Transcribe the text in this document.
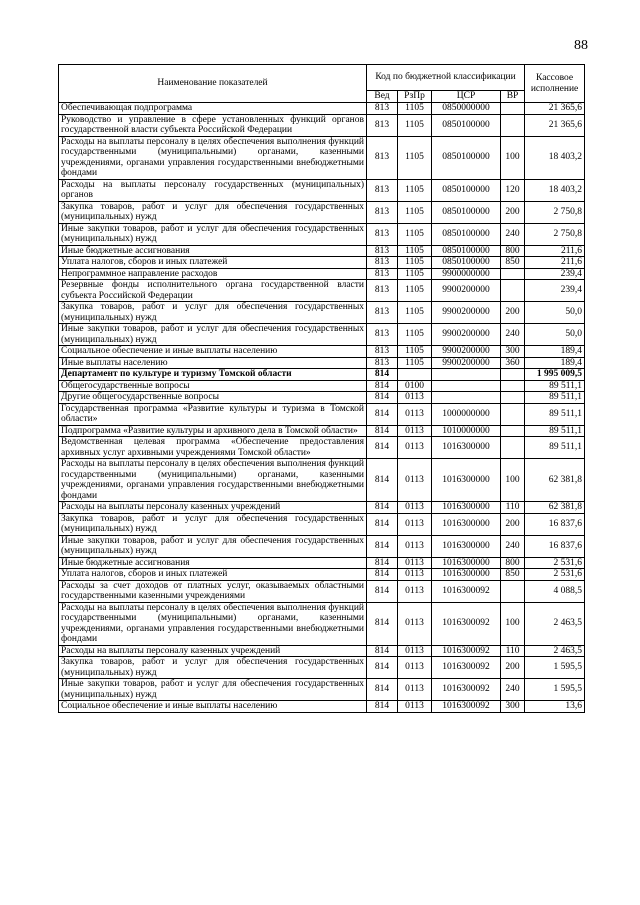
88
Наименование показателей	Код по бюджетной классификации				Кассовое исполнение
	Вед	РзПр	ЦСР	ВР	
Обеспечивающая подпрограмма	813	1105	0850000000		21 365,6
Руководство и управление в сфере установленных функций органов государственной власти субъекта Российской Федерации	813	1105	0850100000		21 365,6
Расходы на выплаты персоналу в целях обеспечения выполнения функций государственными (муниципальными) органами, казенными учреждениями, органами управления государственными внебюджетными фондами	813	1105	0850100000	100	18 403,2
Расходы на выплаты персоналу государственных (муниципальных) органов	813	1105	0850100000	120	18 403,2
Закупка товаров, работ и услуг для обеспечения государственных (муниципальных) нужд	813	1105	0850100000	200	2 750,8
Иные закупки товаров, работ и услуг для обеспечения государственных (муниципальных) нужд	813	1105	0850100000	240	2 750,8
Иные бюджетные ассигнования	813	1105	0850100000	800	211,6
Уплата налогов, сборов и иных платежей	813	1105	0850100000	850	211,6
Непрограммное направление расходов	813	1105	9900000000		239,4
Резервные фонды исполнительного органа государственной власти субъекта Российской Федерации	813	1105	9900200000		239,4
Закупка товаров, работ и услуг для обеспечения государственных (муниципальных) нужд	813	1105	9900200000	200	50,0
Иные закупки товаров, работ и услуг для обеспечения государственных (муниципальных) нужд	813	1105	9900200000	240	50,0
Социальное обеспечение и иные выплаты населению	813	1105	9900200000	300	189,4
Иные выплаты населению	813	1105	9900200000	360	189,4
Департамент по культуре и туризму Томской области	814				1 995 009,5
Общегосударственные вопросы	814	0100			89 511,1
Другие общегосударственные вопросы	814	0113			89 511,1
Государственная программа «Развитие культуры и туризма в Томской области»	814	0113	1000000000		89 511,1
Подпрограмма «Развитие культуры и архивного дела в Томской области»	814	0113	1010000000		89 511,1
Ведомственная целевая программа «Обеспечение предоставления архивных услуг архивными учреждениями Томской области»	814	0113	1016300000		89 511,1
Расходы на выплаты персоналу в целях обеспечения выполнения функций государственными (муниципальными) органами, казенными учреждениями, органами управления государственными внебюджетными фондами	814	0113	1016300000	100	62 381,8
Расходы на выплаты персоналу казенных учреждений	814	0113	1016300000	110	62 381,8
Закупка товаров, работ и услуг для обеспечения государственных (муниципальных) нужд	814	0113	1016300000	200	16 837,6
Иные закупки товаров, работ и услуг для обеспечения государственных (муниципальных) нужд	814	0113	1016300000	240	16 837,6
Иные бюджетные ассигнования	814	0113	1016300000	800	2 531,6
Уплата налогов, сборов и иных платежей	814	0113	1016300000	850	2 531,6
Расходы за счет доходов от платных услуг, оказываемых областными государственными казенными учреждениями	814	0113	1016300092		4 088,5
Расходы на выплаты персоналу в целях обеспечения выполнения функций государственными (муниципальными) органами, казенными учреждениями, органами управления государственными внебюджетными фондами	814	0113	1016300092	100	2 463,5
Расходы на выплаты персоналу казенных учреждений	814	0113	1016300092	110	2 463,5
Закупка товаров, работ и услуг для обеспечения государственных (муниципальных) нужд	814	0113	1016300092	200	1 595,5
Иные закупки товаров, работ и услуг для обеспечения государственных (муниципальных) нужд	814	0113	1016300092	240	1 595,5
Социальное обеспечение и иные выплаты населению	814	0113	1016300092	300	13,6
